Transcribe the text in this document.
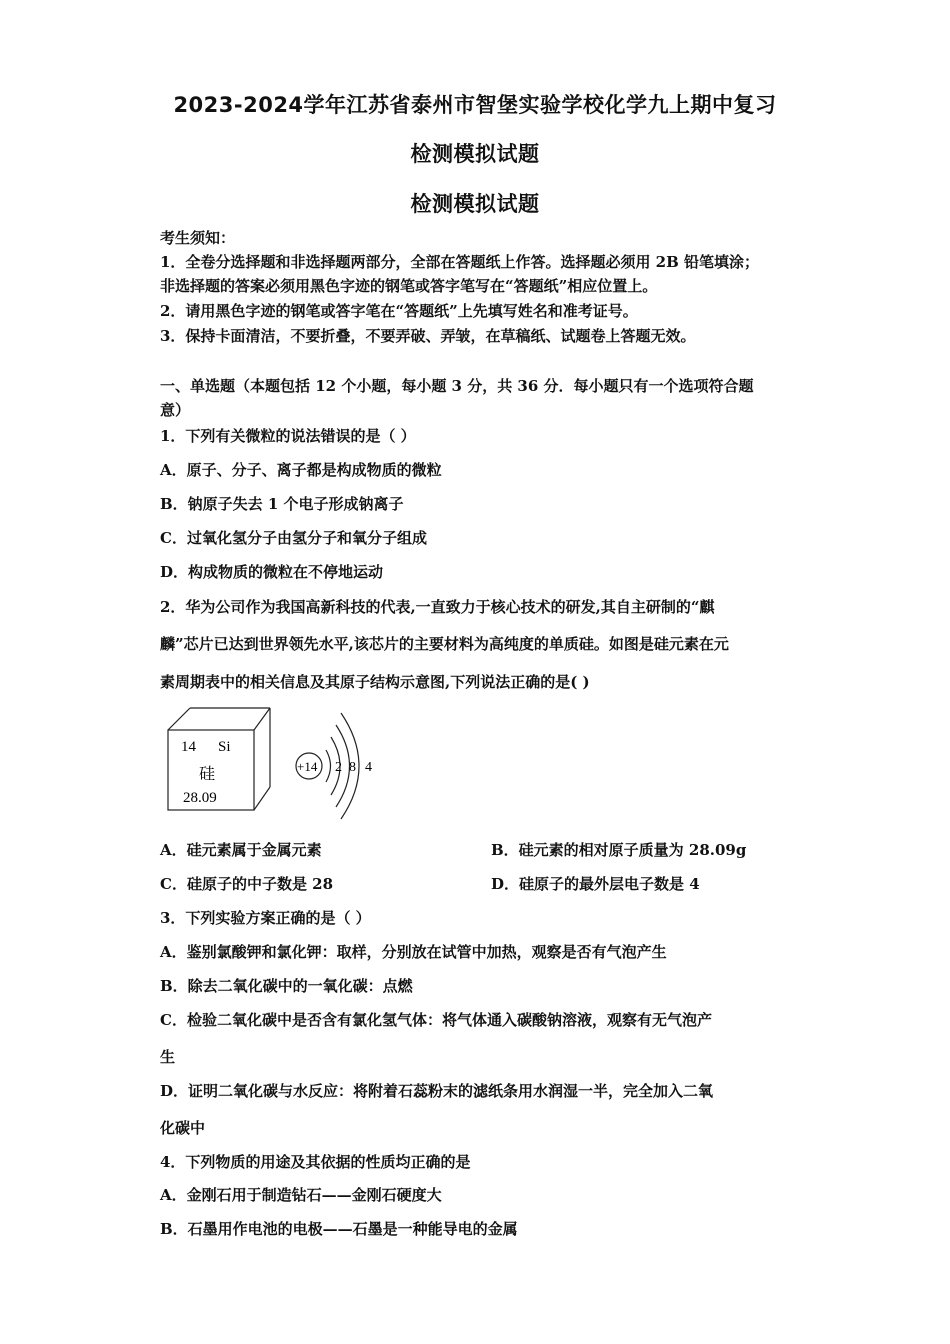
2023-2024学年江苏省泰州市智堡实验学校化学九上期中复习
检测模拟试题
检测模拟试题
考生须知：
1．全卷分选择题和非选择题两部分，全部在答题纸上作答。选择题必须用 2B 铅笔填涂；
非选择题的答案必须用黑色字迹的钢笔或答字笔写在“答题纸”相应位置上。
2．请用黑色字迹的钢笔或答字笔在“答题纸”上先填写姓名和准考证号。
3．保持卡面清洁，不要折叠，不要弄破、弄皱，在草稿纸、试题卷上答题无效。
一、单选题（本题包括 12 个小题，每小题 3 分，共 36 分．每小题只有一个选项符合题
意）
1．下列有关微粒的说法错误的是（ ）
A．原子、分子、离子都是构成物质的微粒
B．钠原子失去 1 个电子形成钠离子
C．过氧化氢分子由氢分子和氧分子组成
D．构成物质的微粒在不停地运动
2．华为公司作为我国高新科技的代表,一直致力于核心技术的研发,其自主研制的“麒
麟”芯片已达到世界领先水平,该芯片的主要材料为高纯度的单质硅。如图是硅元素在元
素周期表中的相关信息及其原子结构示意图,下列说法正确的是( )
14 Si
硅
28.09
+14 2 8 4
A．硅元素属于金属元素	B．硅元素的相对原子质量为 28.09g
C．硅原子的中子数是 28	D．硅原子的最外层电子数是 4
3．下列实验方案正确的是（ ）
A．鉴别氯酸钾和氯化钾：取样，分别放在试管中加热，观察是否有气泡产生
B．除去二氧化碳中的一氧化碳：点燃
C．检验二氧化碳中是否含有氯化氢气体：将气体通入碳酸钠溶液，观察有无气泡产
生
D．证明二氧化碳与水反应：将附着石蕊粉末的滤纸条用水润湿一半，完全加入二氧
化碳中
4．下列物质的用途及其依据的性质均正确的是
A．金刚石用于制造钻石——金刚石硬度大
B．石墨用作电池的电极——石墨是一种能导电的金属
